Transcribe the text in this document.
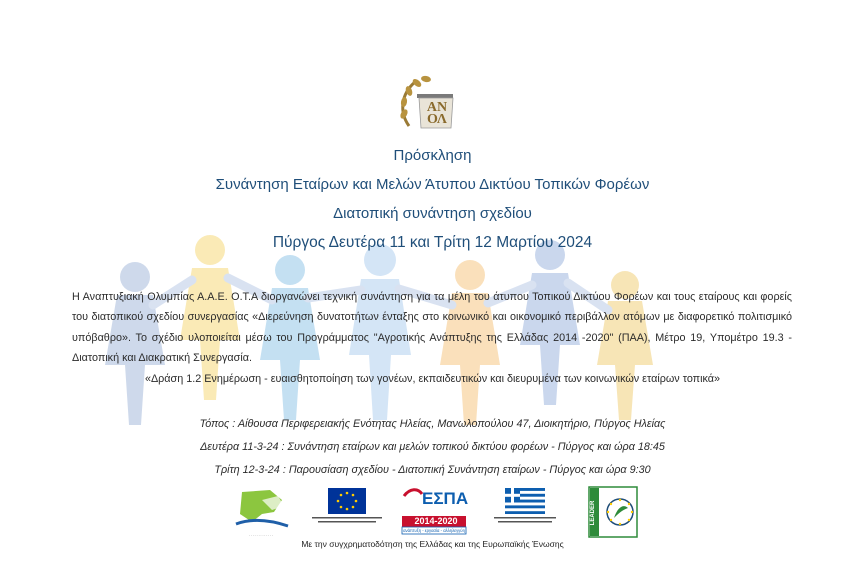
ΑΝ
ΟΛ
Πρόσκληση
Συνάντηση Εταίρων και Μελών Άτυπου Δικτύου Τοπικών Φορέων
Διατοπική συνάντηση σχεδίου
Πύργος Δευτέρα 11 και Τρίτη 12 Μαρτίου 2024
Η Αναπτυξιακή Ολυμπίας Α.Α.Ε. Ο.Τ.Α διοργανώνει τεχνική συνάντηση για τα μέλη του άτυπου Τοπικού Δικτύου Φορέων και τους εταίρους και φορείς του διατοπικού σχεδίου συνεργασίας «Διερεύνηση δυνατοτήτων ένταξης στο κοινωνικό και οικονομικό περιβάλλον ατόμων με διαφορετικό πολιτισμικό υπόβαθρο». Το σχέδιο υλοποιείται μέσω του Προγράμματος "Αγροτικής Ανάπτυξης της Ελλάδας 2014 -2020" (ΠΑΑ), Μέτρο 19, Υπομέτρο 19.3 - Διατοπική και Διακρατική Συνεργασία.
«Δράση 1.2 Ενημέρωση - ευαισθητοποίηση των γονέων, εκπαιδευτικών και διευρυμένα των κοινωνικών εταίρων τοπικά»
Τόπος : Αίθουσα Περιφερειακής Ενότητας Ηλείας, Μανωλοπούλου 47, Διοικητήριο, Πύργος Ηλείας
Δευτέρα 11-3-24 : Συνάντηση εταίρων και μελών τοπικού δικτύου φορέων - Πύργος και ώρα 18:45
Τρίτη 12-3-24 : Παρουσίαση σχεδίου - Διατοπική Συνάντηση εταίρων - Πύργος και ώρα 9:30
. . . . . . . . . . . . .
ΕΣΠΑ
2014-2020
ανάπτυξη - εργασία - αλληλεγγύη
LEADER
Με την συγχρηματοδότηση της Ελλάδας και της Ευρωπαϊκής Ένωσης
